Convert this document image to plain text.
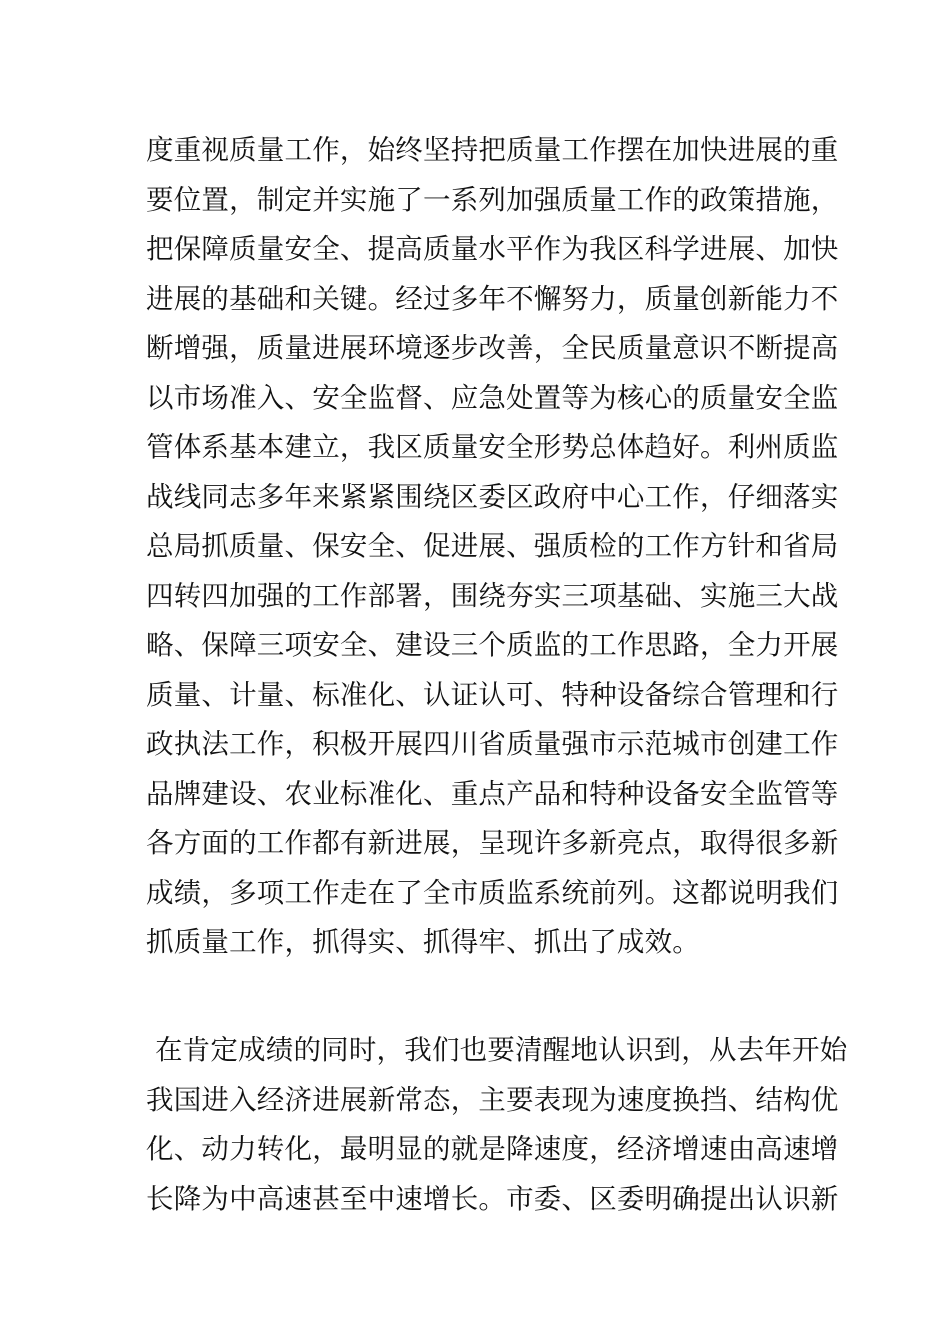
度重视质量工作，始终坚持把质量工作摆在加快进展的重
要位置，制定并实施了一系列加强质量工作的政策措施，
把保障质量安全、提高质量水平作为我区科学进展、加快
进展的基础和关键。经过多年不懈努力，质量创新能力不
断增强，质量进展环境逐步改善，全民质量意识不断提高
以市场准入、安全监督、应急处置等为核心的质量安全监
管体系基本建立，我区质量安全形势总体趋好。利州质监
战线同志多年来紧紧围绕区委区政府中心工作，仔细落实
总局抓质量、保安全、促进展、强质检的工作方针和省局
四转四加强的工作部署，围绕夯实三项基础、实施三大战
略、保障三项安全、建设三个质监的工作思路，全力开展
质量、计量、标准化、认证认可、特种设备综合管理和行
政执法工作，积极开展四川省质量强市示范城市创建工作
品牌建设、农业标准化、重点产品和特种设备安全监管等
各方面的工作都有新进展，呈现许多新亮点，取得很多新
成绩，多项工作走在了全市质监系统前列。这都说明我们
抓质量工作，抓得实、抓得牢、抓出了成效。
在肯定成绩的同时，我们也要清醒地认识到，从去年开始
我国进入经济进展新常态，主要表现为速度换挡、结构优
化、动力转化，最明显的就是降速度，经济增速由高速增
长降为中高速甚至中速增长。市委、区委明确提出认识新
